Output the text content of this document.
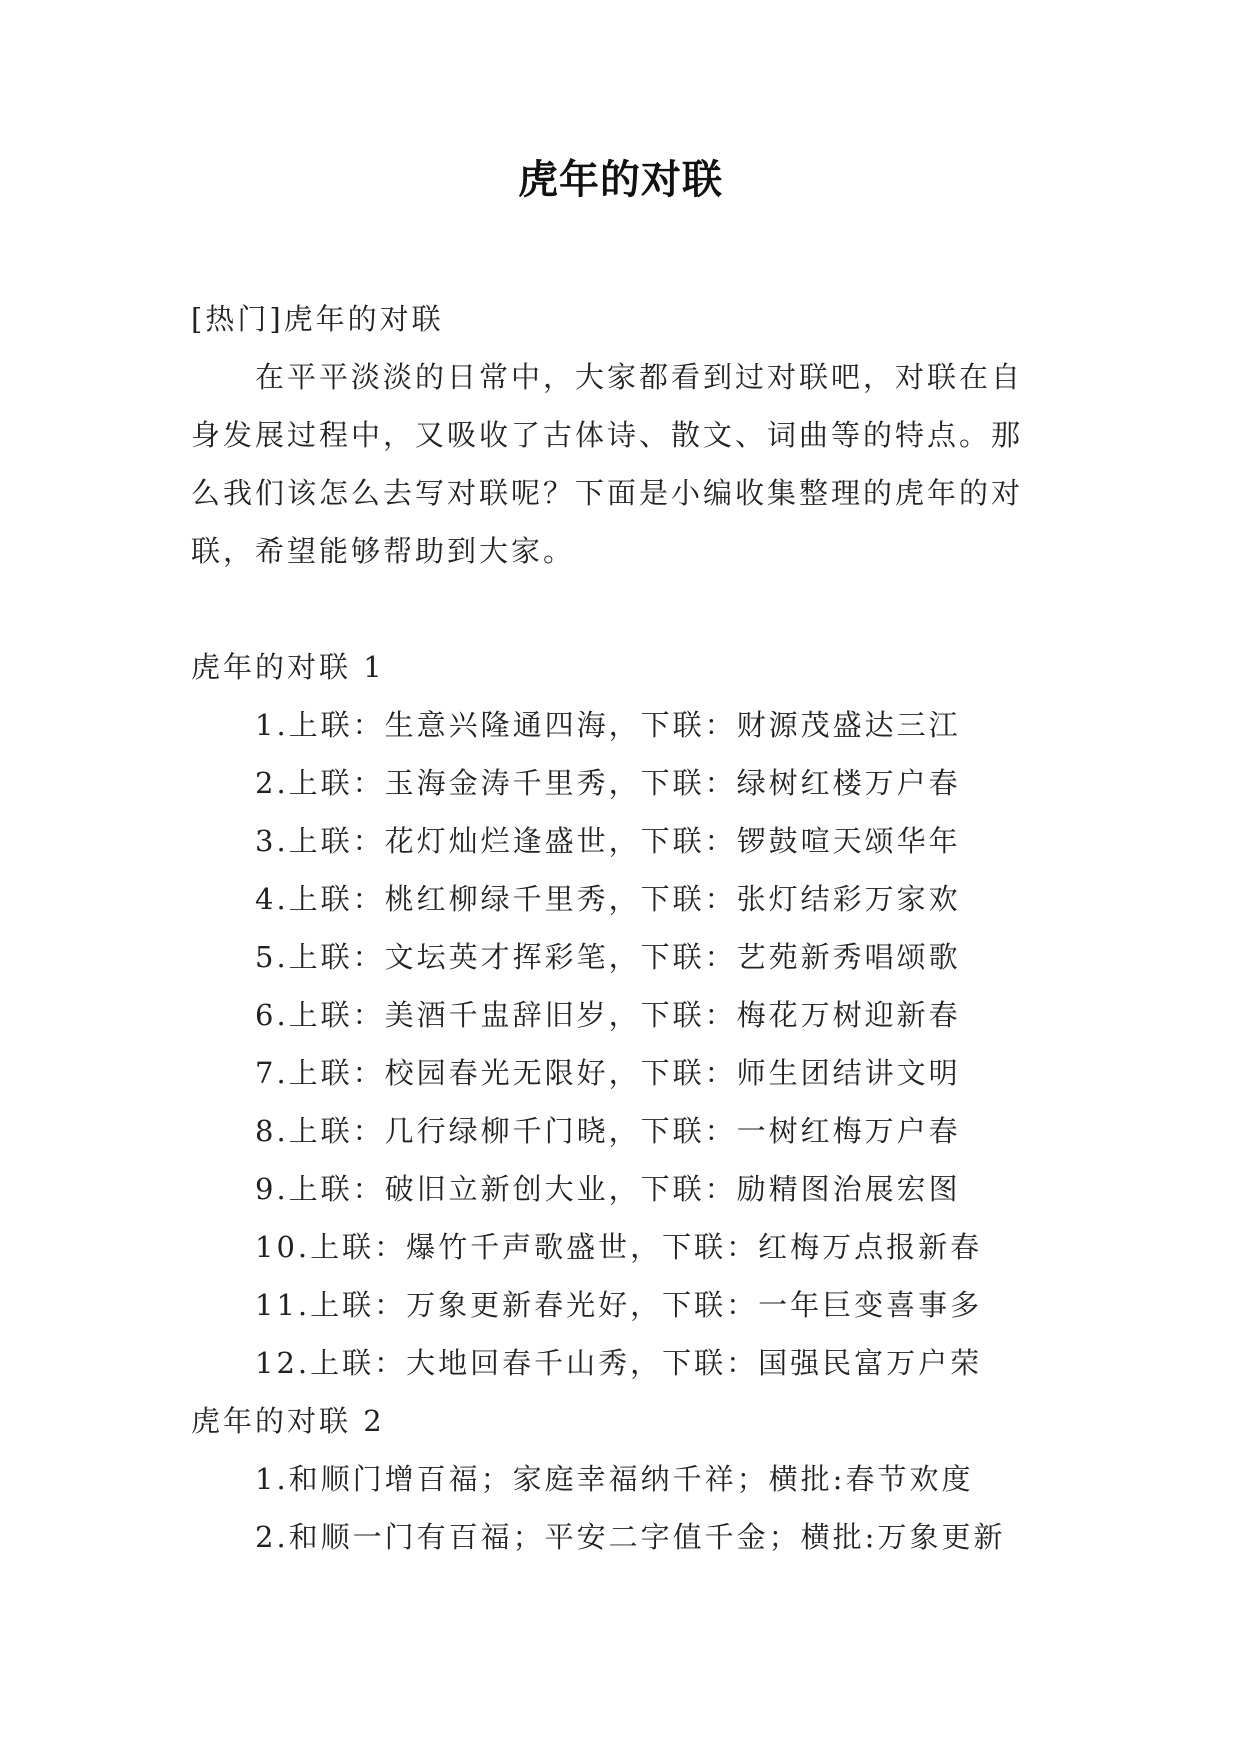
虎年的对联
[热门]虎年的对联
在平平淡淡的日常中，大家都看到过对联吧，对联在自身发展过程中，又吸收了古体诗、散文、词曲等的特点。那么我们该怎么去写对联呢？下面是小编收集整理的虎年的对联，希望能够帮助到大家。
虎年的对联 1
1.上联：生意兴隆通四海，下联：财源茂盛达三江
2.上联：玉海金涛千里秀，下联：绿树红楼万户春
3.上联：花灯灿烂逢盛世，下联：锣鼓喧天颂华年
4.上联：桃红柳绿千里秀，下联：张灯结彩万家欢
5.上联：文坛英才挥彩笔，下联：艺苑新秀唱颂歌
6.上联：美酒千盅辞旧岁，下联：梅花万树迎新春
7.上联：校园春光无限好，下联：师生团结讲文明
8.上联：几行绿柳千门晓，下联：一树红梅万户春
9.上联：破旧立新创大业，下联：励精图治展宏图
10.上联：爆竹千声歌盛世，下联：红梅万点报新春
11.上联：万象更新春光好，下联：一年巨变喜事多
12.上联：大地回春千山秀，下联：国强民富万户荣
虎年的对联 2
1.和顺门增百福；家庭幸福纳千祥；横批:春节欢度
2.和顺一门有百福；平安二字值千金；横批:万象更新
